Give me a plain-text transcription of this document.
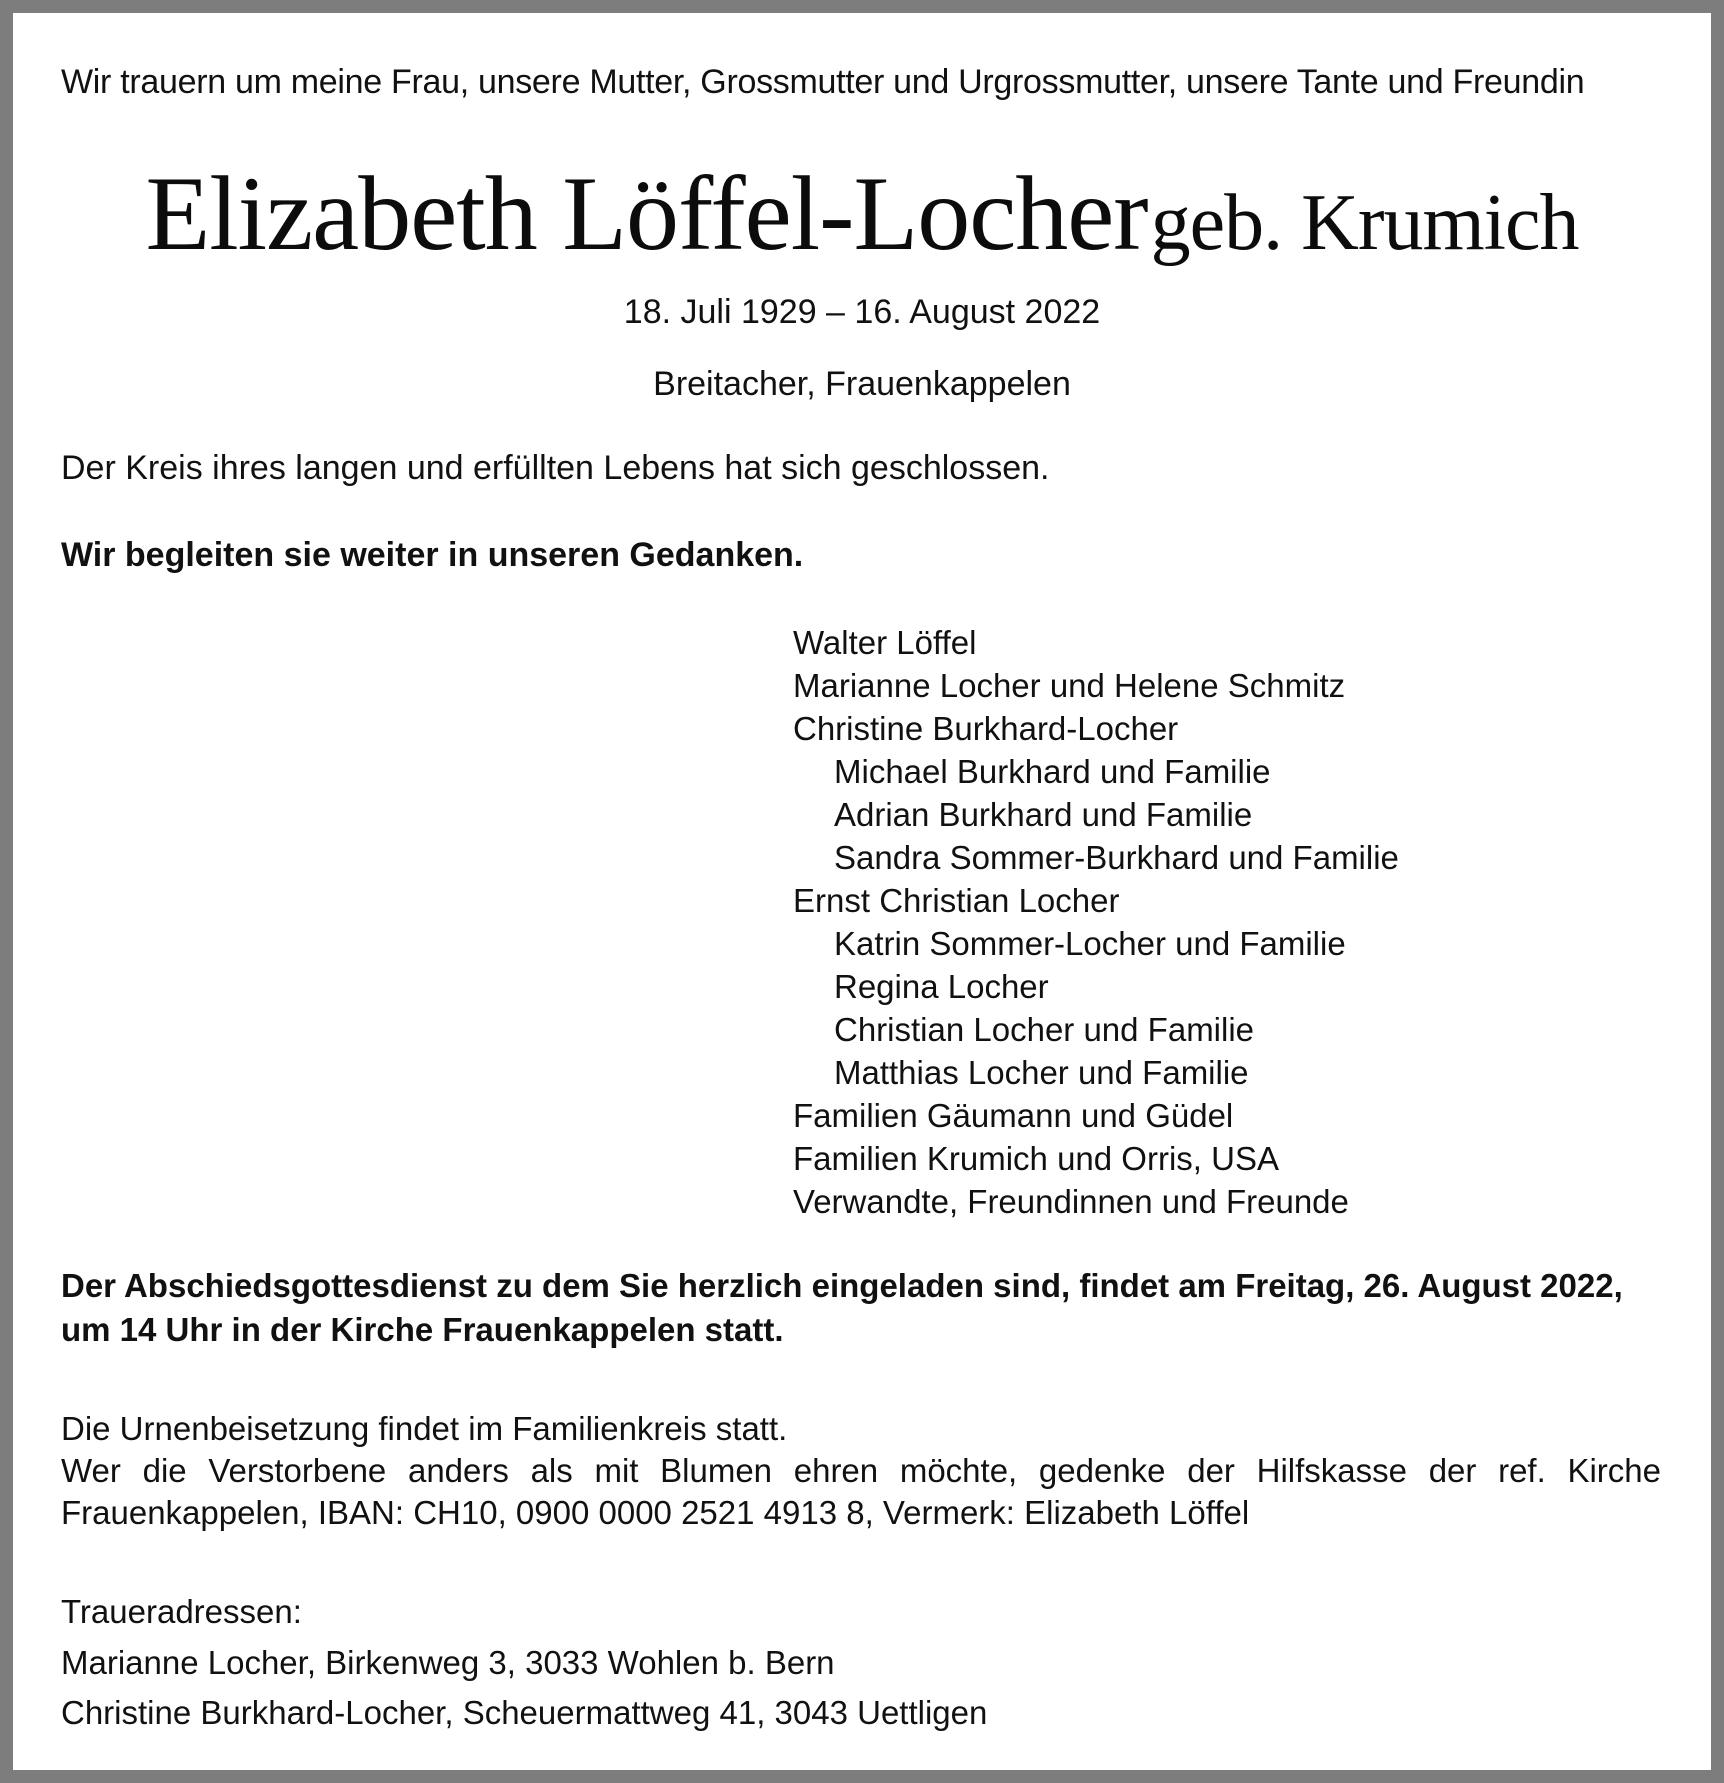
Wir trauern um meine Frau, unsere Mutter, Grossmutter und Urgrossmutter, unsere Tante und Freundin
Elizabeth Löffel-Locher geb. Krumich
18. Juli 1929 – 16. August 2022
Breitacher, Frauenkappelen
Der Kreis ihres langen und erfüllten Lebens hat sich geschlossen.
Wir begleiten sie weiter in unseren Gedanken.
Walter Löffel
Marianne Locher und Helene Schmitz
Christine Burkhard-Locher
Michael Burkhard und Familie
Adrian Burkhard und Familie
Sandra Sommer-Burkhard und Familie
Ernst Christian Locher
Katrin Sommer-Locher und Familie
Regina Locher
Christian Locher und Familie
Matthias Locher und Familie
Familien Gäumann und Güdel
Familien Krumich und Orris, USA
Verwandte, Freundinnen und Freunde
Der Abschiedsgottesdienst zu dem Sie herzlich eingeladen sind, findet am Freitag, 26. August 2022,
um 14 Uhr in der Kirche Frauenkappelen statt.
Die Urnenbeisetzung findet im Familienkreis statt.
Wer die Verstorbene anders als mit Blumen ehren möchte, gedenke der Hilfskasse der ref. Kirche
Frauenkappelen, IBAN: CH10, 0900 0000 2521 4913 8, Vermerk: Elizabeth Löffel
Traueradressen:
Marianne Locher, Birkenweg 3, 3033 Wohlen b. Bern
Christine Burkhard-Locher, Scheuermattweg 41, 3043 Uettligen
